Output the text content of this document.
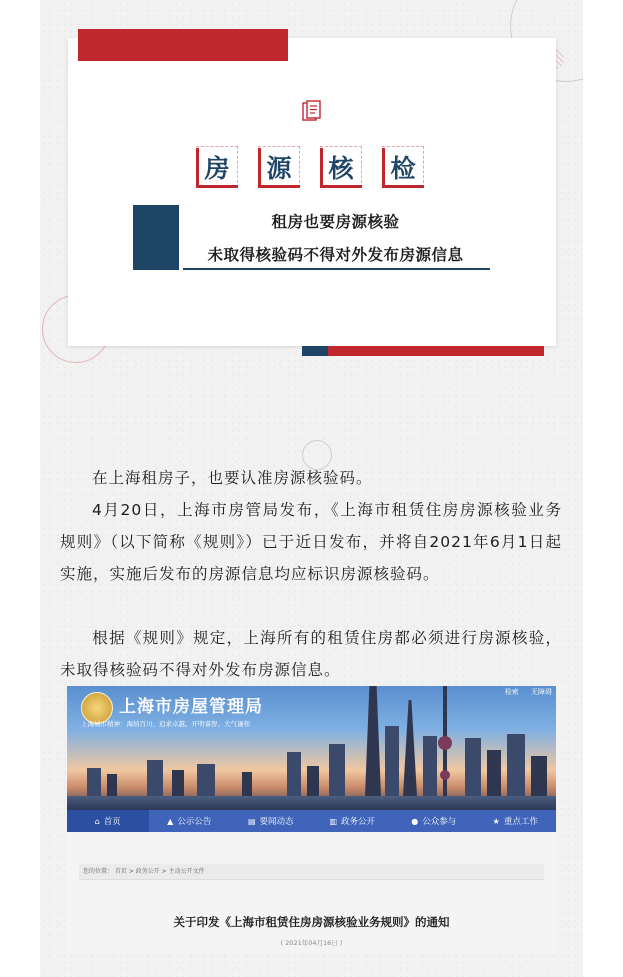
房 源 核 检
租房也要房源核验
未取得核验码不得对外发布房源信息

在上海租房子，也要认准房源核验码。

4月20日，上海市房管局发布，《上海市租赁住房房源核验业务规则》（以下简称《规则》）已于近日发布，并将自2021年6月1日起实施，实施后发布的房源信息均应标识房源核验码。

根据《规则》规定，上海所有的租赁住房都必须进行房源核验，未取得核验码不得对外发布房源信息。

上海市房屋管理局
上海城市精神：海纳百川、追求卓越、开明睿智、大气谦和
检索 无障碍
⌂ 首页	▲ 公示公告	▤ 要闻动态	▥ 政务公开	● 公众参与	★ 重点工作
您的位置： 首页 > 政务公开 > 主动公开文件
关于印发《上海市租赁住房房源核验业务规则》的通知
( 2021年04月16日 )
